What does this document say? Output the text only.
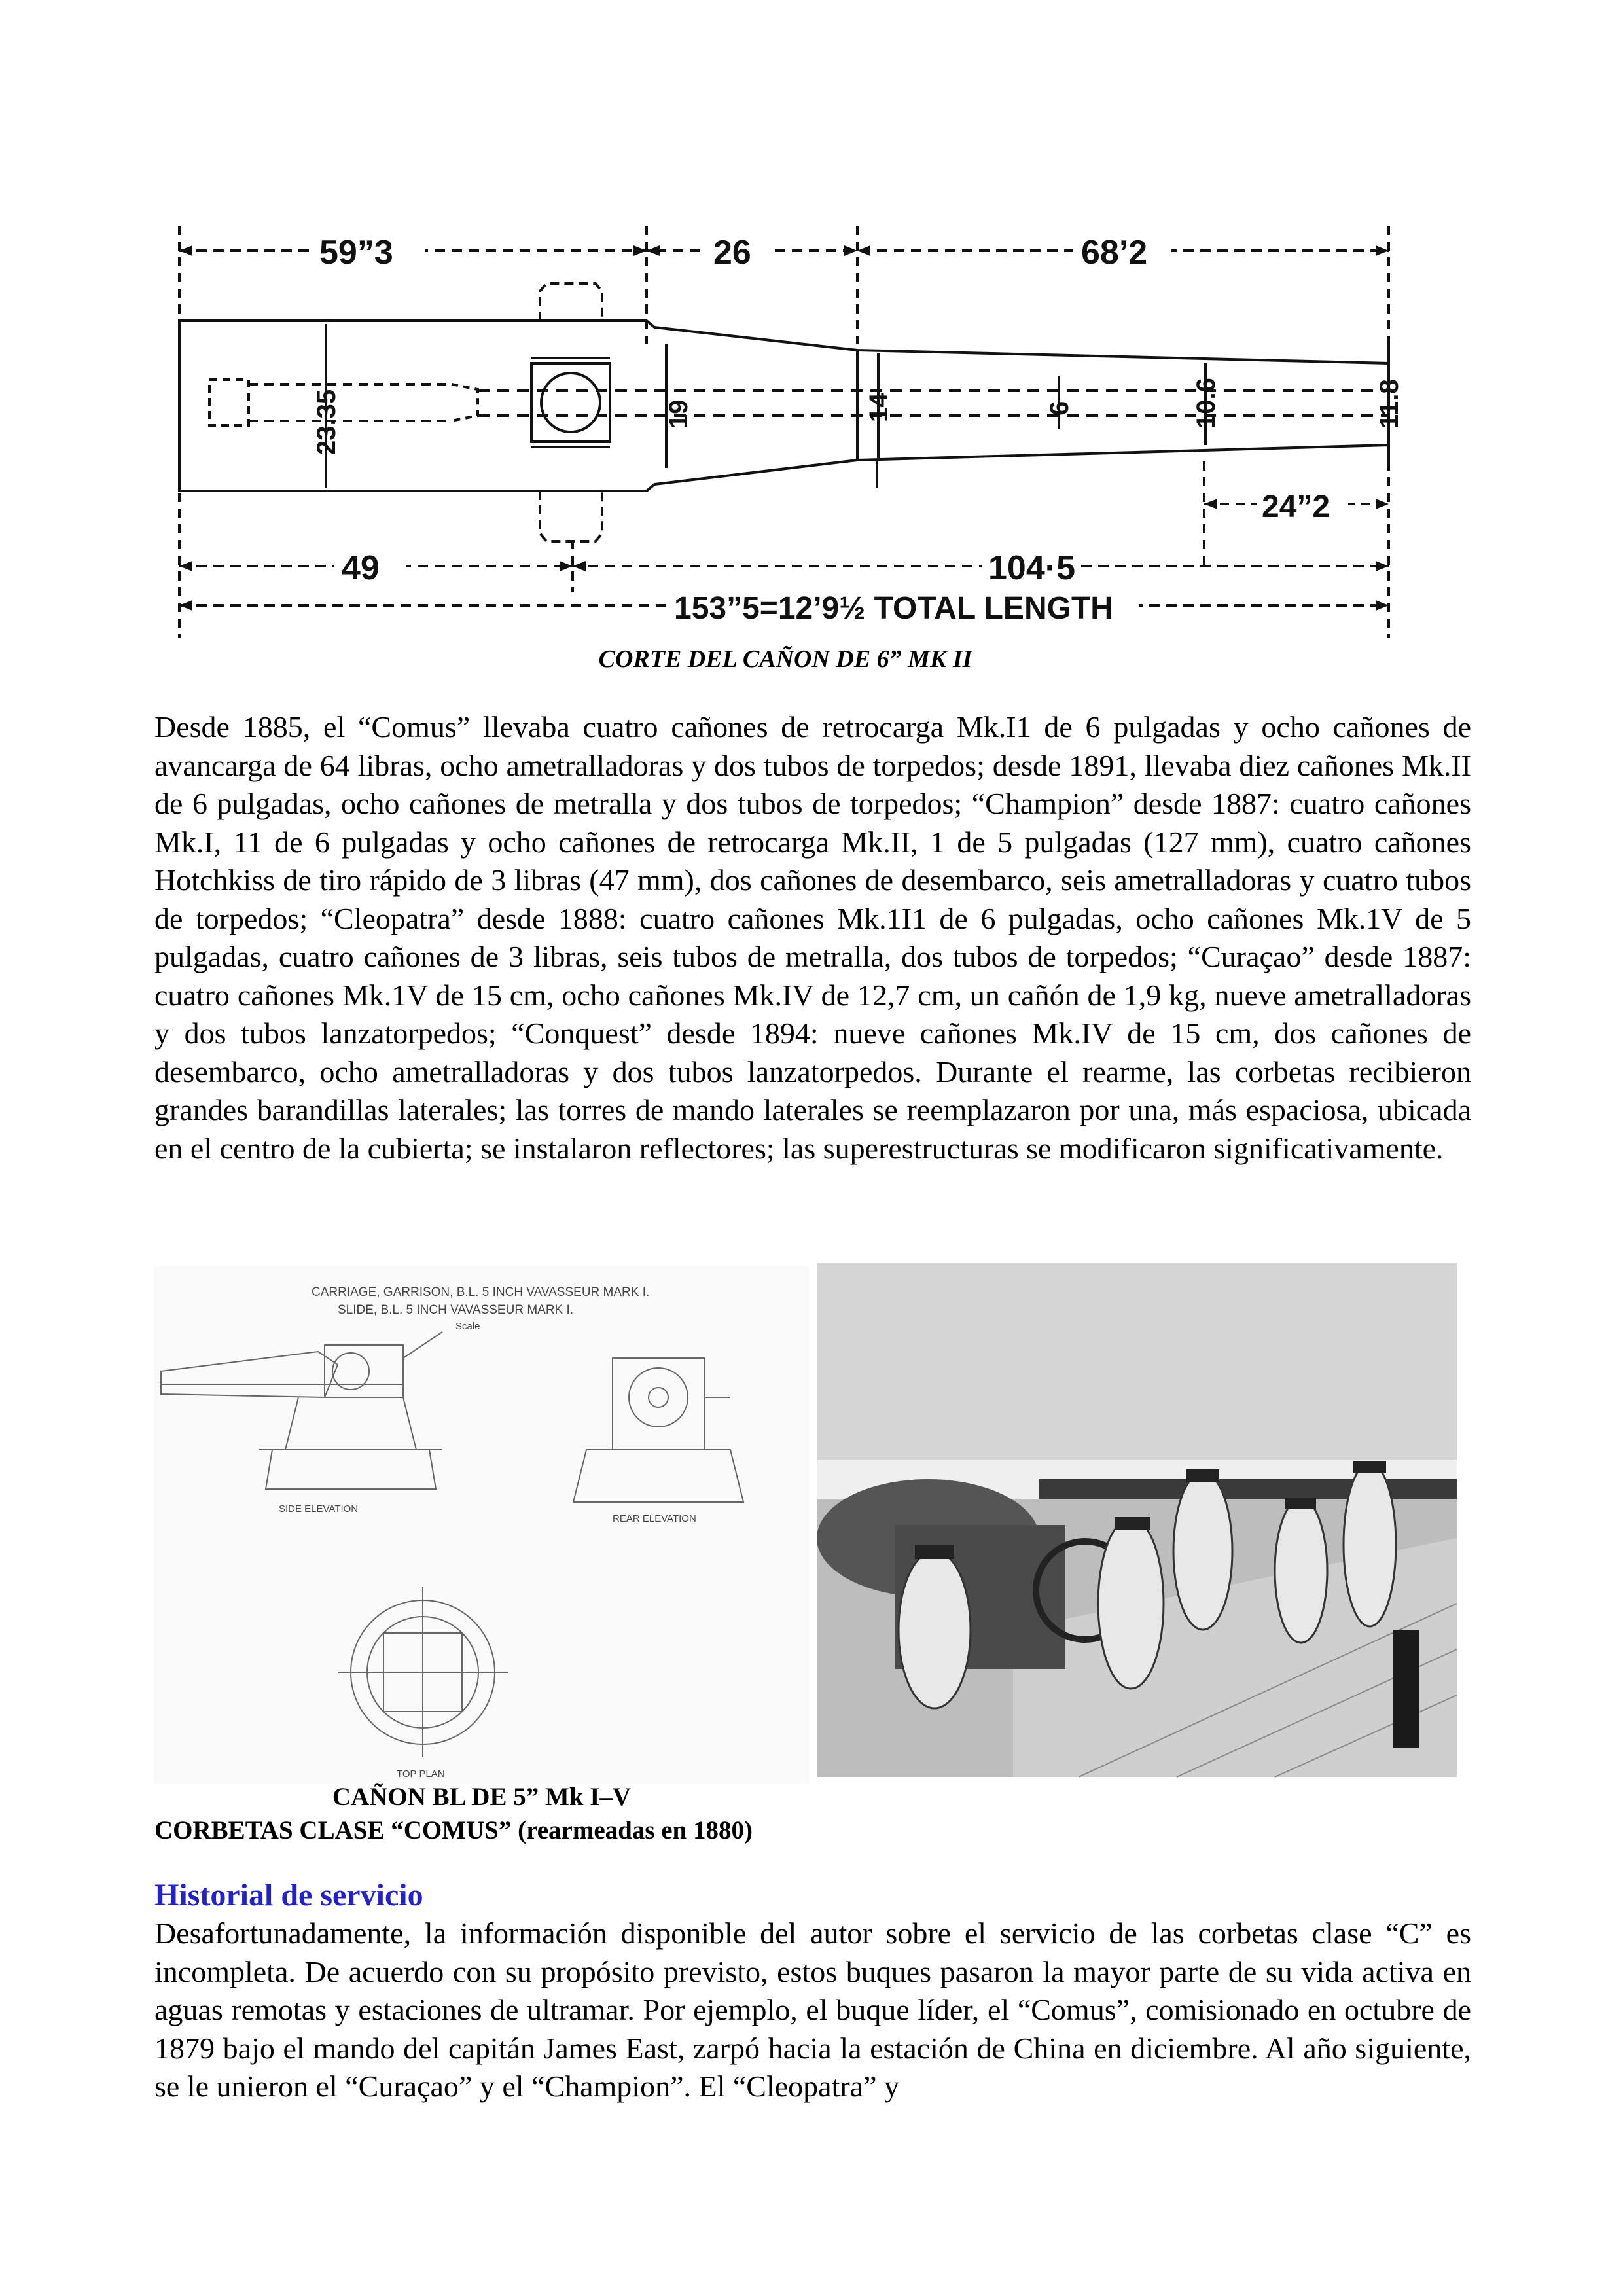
59”3	26	68’2
23.35	19	14	6	10.6	11.8
24”2
49	104·5
153”5=12’9½ TOTAL LENGTH
CORTE DEL CAÑON DE 6” MK II
Desde 1885, el “Comus” llevaba cuatro cañones de retrocarga Mk.I1 de 6 pulgadas y ocho cañones de avancarga de 64 libras, ocho ametralladoras y dos tubos de torpedos; desde 1891, llevaba diez cañones Mk.II de 6 pulgadas, ocho cañones de metralla y dos tubos de torpedos; “Champion” desde 1887: cuatro cañones Mk.I, 11 de 6 pulgadas y ocho cañones de retrocarga Mk.II, 1 de 5 pulgadas (127 mm), cuatro cañones Hotchkiss de tiro rápido de 3 libras (47 mm), dos cañones de desembarco, seis ametralladoras y cuatro tubos de torpedos; “Cleopatra” desde 1888: cuatro cañones Mk.1I1 de 6 pulgadas, ocho cañones Mk.1V de 5 pulgadas, cuatro cañones de 3 libras, seis tubos de metralla, dos tubos de torpedos; “Curaçao” desde 1887: cuatro cañones Mk.1V de 15 cm, ocho cañones Mk.IV de 12,7 cm, un cañón de 1,9 kg, nueve ametralladoras y dos tubos lanzatorpedos; “Conquest” desde 1894: nueve cañones Mk.IV de 15 cm, dos cañones de desembarco, ocho ametralladoras y dos tubos lanzatorpedos. Durante el rearme, las corbetas recibieron grandes barandillas laterales; las torres de mando laterales se reemplazaron por una, más espaciosa, ubicada en el centro de la cubierta; se instalaron reflectores; las superestructuras se modificaron significativamente.
CARRIAGE, GARRISON, B.L. 5 INCH VAVASSEUR MARK I.
SLIDE, B.L. 5 INCH VAVASSEUR MARK I.
Scale
SIDE ELEVATION
REAR ELEVATION
TOP PLAN
CAÑON BL DE 5” Mk I–V
CORBETAS CLASE “COMUS” (rearmeadas en 1880)
Historial de servicio
Desafortunadamente, la información disponible del autor sobre el servicio de las corbetas clase “C” es incompleta. De acuerdo con su propósito previsto, estos buques pasaron la mayor parte de su vida activa en aguas remotas y estaciones de ultramar. Por ejemplo, el buque líder, el “Comus”, comisionado en octubre de 1879 bajo el mando del capitán James East, zarpó hacia la estación de China en diciembre. Al año siguiente, se le unieron el “Curaçao” y el “Champion”. El “Cleopatra” y
